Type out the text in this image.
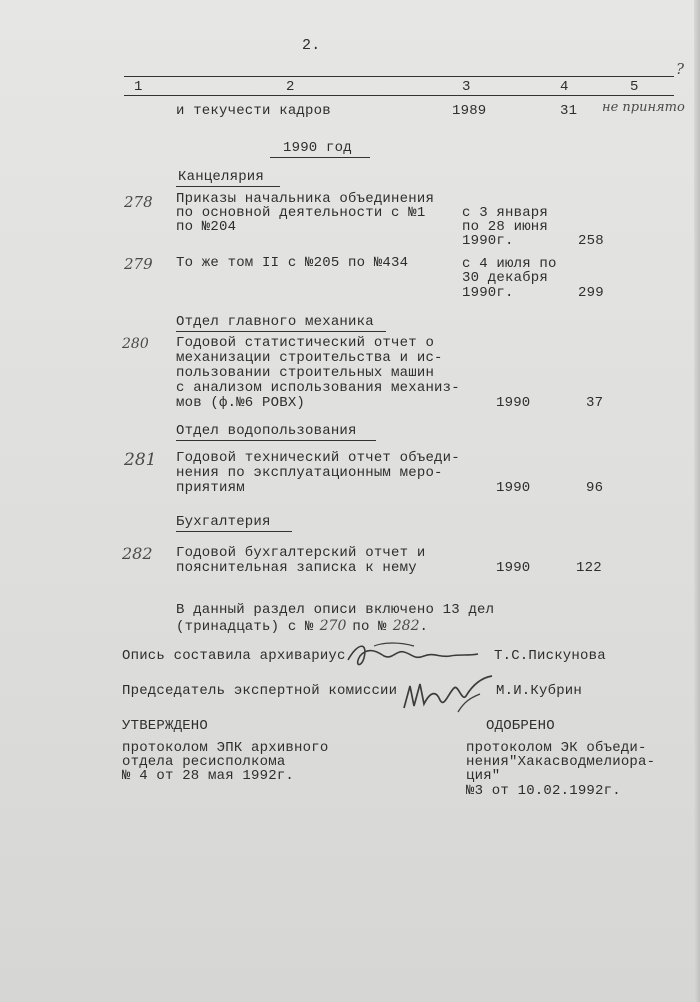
2.
?
1	2	3	4	5
и текучести кадров	1989	31 не принято
1990 год
Канцелярия
278 Приказы начальника объединения
по основной деятельности с №1
по №204
с 3 января
по 28 июня
1990г.	258
279 То же том II с №205 по №434	с 4 июля по
30 декабря
1990г.	299
Отдел главного механика
280 Годовой статистический отчет о
механизации строительства и ис-
пользовании строительных машин
с анализом использования механиз-
мов (ф.№6 РОВХ)	1990	37
Отдел водопользования
281 Годовой технический отчет объеди-
нения по эксплуатационным меро-
приятиям	1990	96
Бухгалтерия
282 Годовой бухгалтерский отчет и
пояснительная записка к нему	1990	122
В данный раздел описи включено 13 дел
(тринадцать) с № 270 по № 282.
Опись составила архивариус	Т.С.Пискунова
Председатель экспертной комиссии	М.И.Кубрин
УТВЕРЖДЕНО
протоколом ЭПК архивного
отдела реcисполкома
№ 4 от 28 мая 1992г.
ОДОБРЕНО
протоколом ЭК объеди-
нения"Хакасводмелиора-
ция"
№3 от 10.02.1992г.
